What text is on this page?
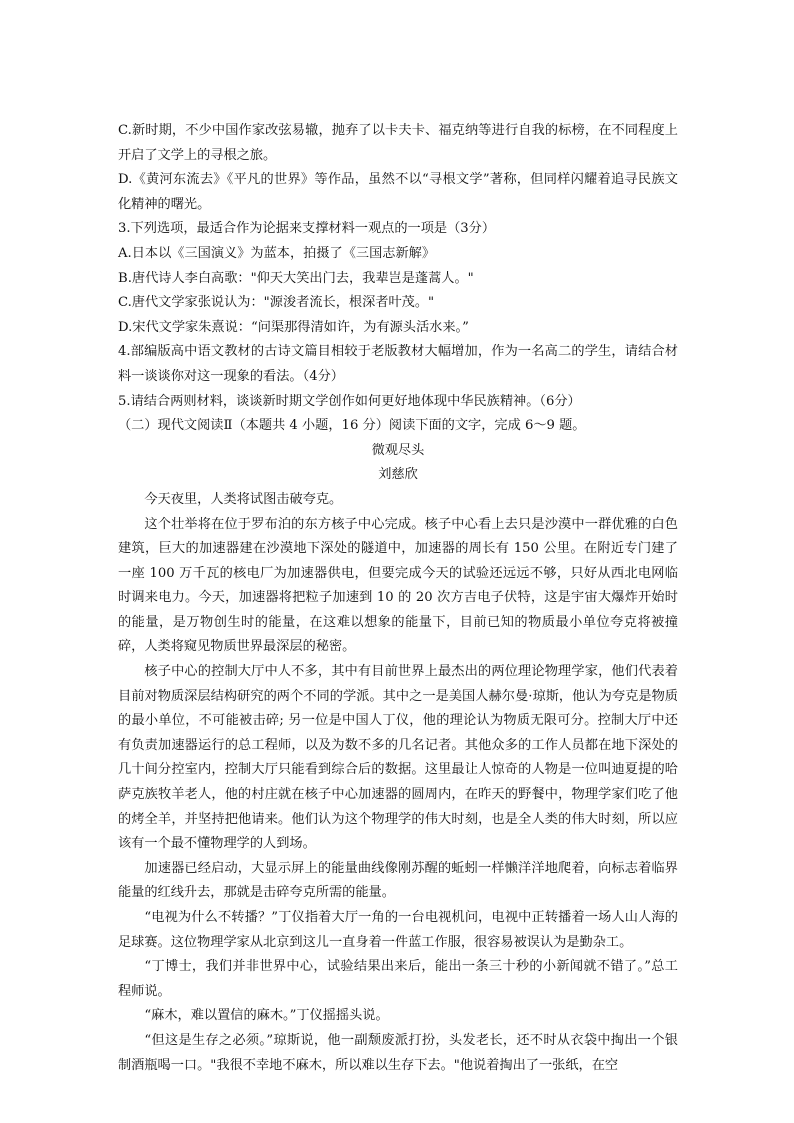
C.新时期，不少中国作家改弦易辙，抛弃了以卡夫卡、福克纳等进行自我的标榜，在不同程度上开启了文学上的寻根之旅。

D.《黄河东流去》《平凡的世界》等作品，虽然不以“寻根文学”著称，但同样闪耀着追寻民族文化精神的曙光。

3.下列选项，最适合作为论据来支撑材料一观点的一项是（3分）

A.日本以《三国演义》为蓝本，拍摄了《三国志新解》

B.唐代诗人李白高歌："仰天大笑出门去，我辈岂是蓬蒿人。"

C.唐代文学家张说认为："源浚者流长，根深者叶茂。"

D.宋代文学家朱熹说：“问渠那得清如许，为有源头活水来。”

4.部编版高中语文教材的古诗文篇目相较于老版教材大幅增加，作为一名高二的学生，请结合材料一谈谈你对这一现象的看法。（4分）

5.请结合两则材料，谈谈新时期文学创作如何更好地体现中华民族精神。（6分）

（二）现代文阅读Ⅱ（本题共 4 小题，16 分）阅读下面的文字，完成 6～9 题。

微观尽头

刘慈欣

今天夜里，人类将试图击破夸克。

这个壮举将在位于罗布泊的东方核子中心完成。核子中心看上去只是沙漠中一群优雅的白色建筑，巨大的加速器建在沙漠地下深处的隧道中，加速器的周长有 150 公里。在附近专门建了一座 100 万千瓦的核电厂为加速器供电，但要完成今天的试验还远远不够，只好从西北电网临时调来电力。今天，加速器将把粒子加速到 10 的 20 次方吉电子伏特，这是宇宙大爆炸开始时的能量，是万物创生时的能量，在这难以想象的能量下，目前已知的物质最小单位夸克将被撞碎，人类将窥见物质世界最深层的秘密。

核子中心的控制大厅中人不多，其中有目前世界上最杰出的两位理论物理学家，他们代表着目前对物质深层结构研究的两个不同的学派。其中之一是美国人赫尔曼·琼斯，他认为夸克是物质的最小单位，不可能被击碎; 另一位是中国人丁仪，他的理论认为物质无限可分。控制大厅中还有负责加速器运行的总工程师，以及为数不多的几名记者。其他众多的工作人员都在地下深处的几十间分控室内，控制大厅只能看到综合后的数据。这里最让人惊奇的人物是一位叫迪夏提的哈萨克族牧羊老人，他的村庄就在核子中心加速器的圆周内，在昨天的野餐中，物理学家们吃了他的烤全羊，并坚持把他请来。他们认为这个物理学的伟大时刻，也是全人类的伟大时刻，所以应该有一个最不懂物理学的人到场。

加速器已经启动，大显示屏上的能量曲线像刚苏醒的蚯蚓一样懒洋洋地爬着，向标志着临界能量的红线升去，那就是击碎夸克所需的能量。

“电视为什么不转播？”丁仪指着大厅一角的一台电视机问，电视中正转播着一场人山人海的足球赛。这位物理学家从北京到这儿一直身着一件蓝工作服，很容易被误认为是勤杂工。

“丁博士，我们并非世界中心，试验结果出来后，能出一条三十秒的小新闻就不错了。”总工程师说。

“麻木，难以置信的麻木。”丁仪摇摇头说。

“但这是生存之必须。”琼斯说，他一副颓废派打扮，头发老长，还不时从衣袋中掏出一个银制酒瓶喝一口。"我很不幸地不麻木，所以难以生存下去。"他说着掏出了一张纸，在空
